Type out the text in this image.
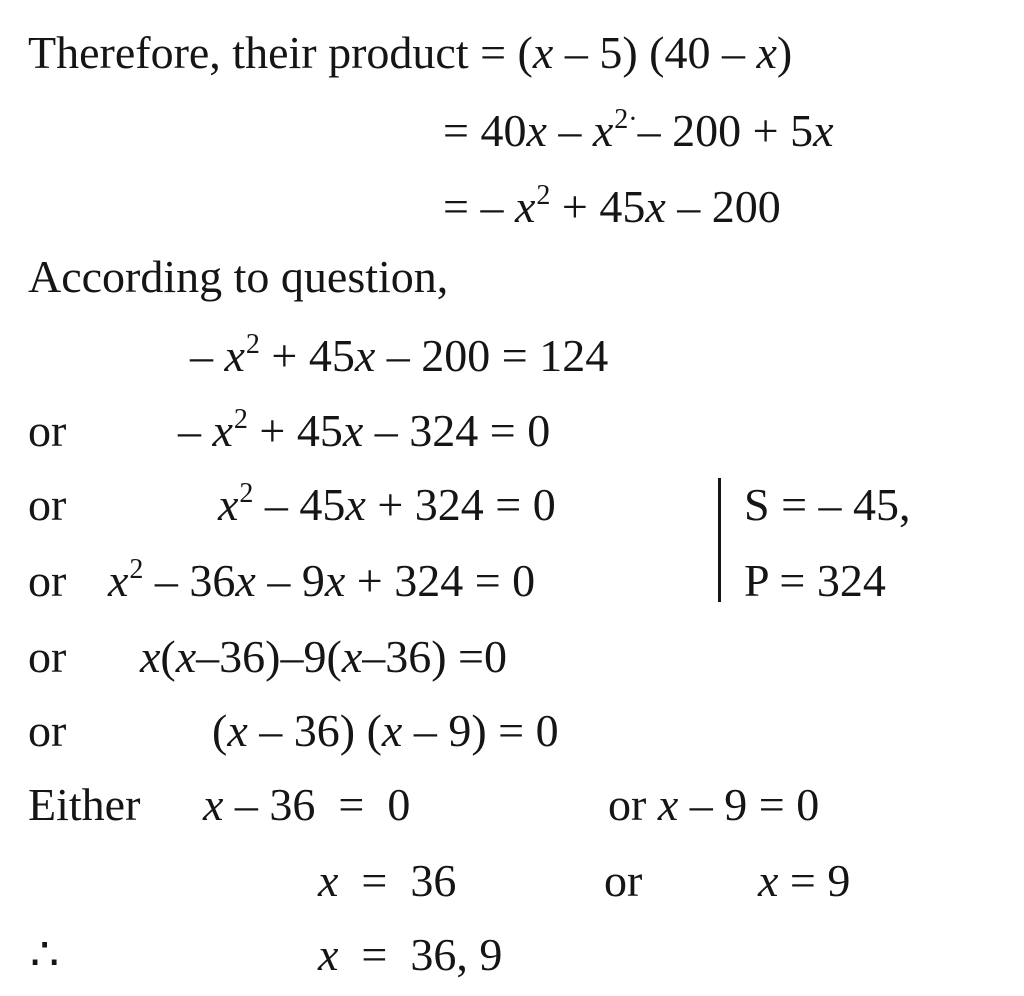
Therefore, their product = (x – 5) (40 – x)
= $40x - x^{2\cdot}-$ 200 + 5x
= – $x^2 + 45x - 200$
According to question,
– $x^2 + 45x - 200 = 124$
or – $x^2 + 45x - 324 = 0$
or	$x^2 - 45x + 324 = 0$	S = – 45,
P = 324
or $x^2 - 36x - 9x + 324 = 0$
or x(x–36)–9(x–36) =0
or	(x – 36) (x – 9) = 0
Either x – 36  =  0	or x – 9 = 0
x  =  36	or	x = 9
∴	x  =  36, 9
